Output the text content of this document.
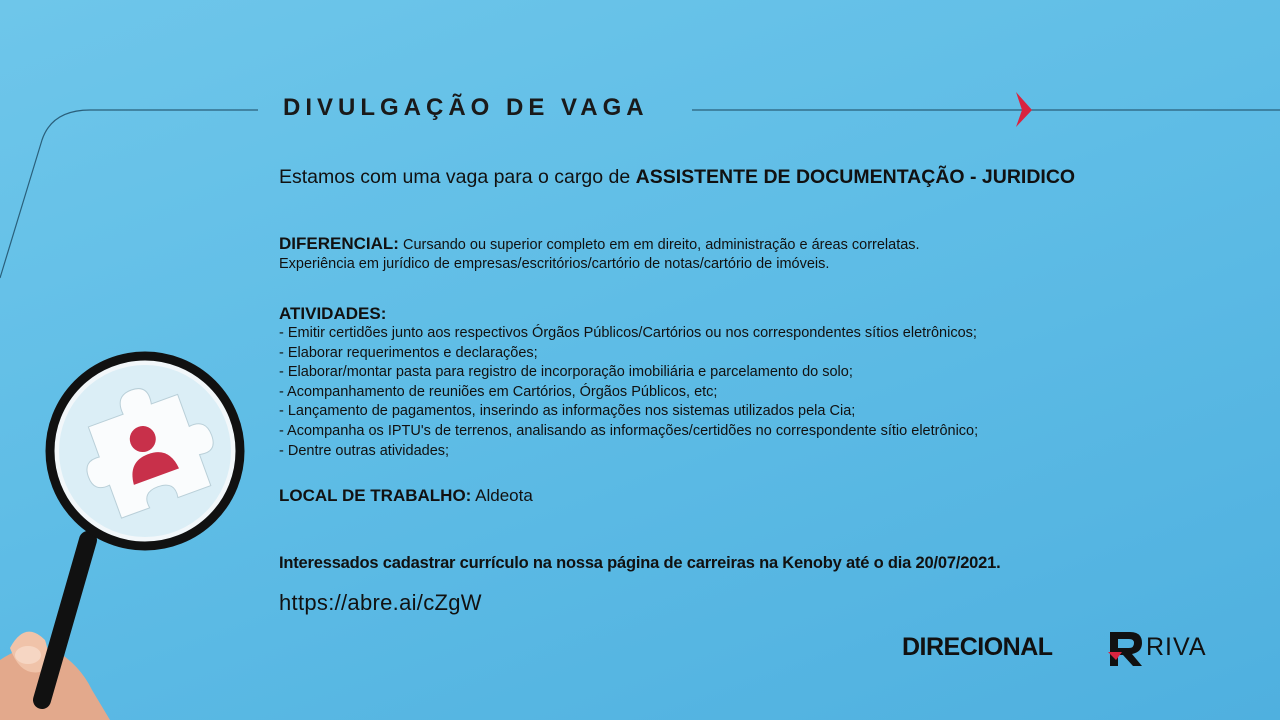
DIVULGAÇÃO DE VAGA
Estamos com uma vaga para o cargo de ASSISTENTE DE DOCUMENTAÇÃO - JURIDICO
DIFERENCIAL: Cursando ou superior completo em em direito, administração e áreas correlatas.
Experiência em jurídico de empresas/escritórios/cartório de notas/cartório de imóveis.
ATIVIDADES:
- Emitir certidões junto aos respectivos Órgãos Públicos/Cartórios ou nos correspondentes sítios eletrônicos;
- Elaborar requerimentos e declarações;
- Elaborar/montar pasta para registro de incorporação imobiliária e parcelamento do solo;
- Acompanhamento de reuniões em Cartórios, Órgãos Públicos, etc;
- Lançamento de pagamentos, inserindo as informações nos sistemas utilizados pela Cia;
- Acompanha os IPTU's de terrenos, analisando as informações/certidões no correspondente sítio eletrônico;
- Dentre outras atividades;
LOCAL DE TRABALHO: Aldeota
Interessados cadastrar currículo na nossa página de carreiras na Kenoby até o dia 20/07/2021.
https://abre.ai/cZgW
DIRECIONAL	RIVA
